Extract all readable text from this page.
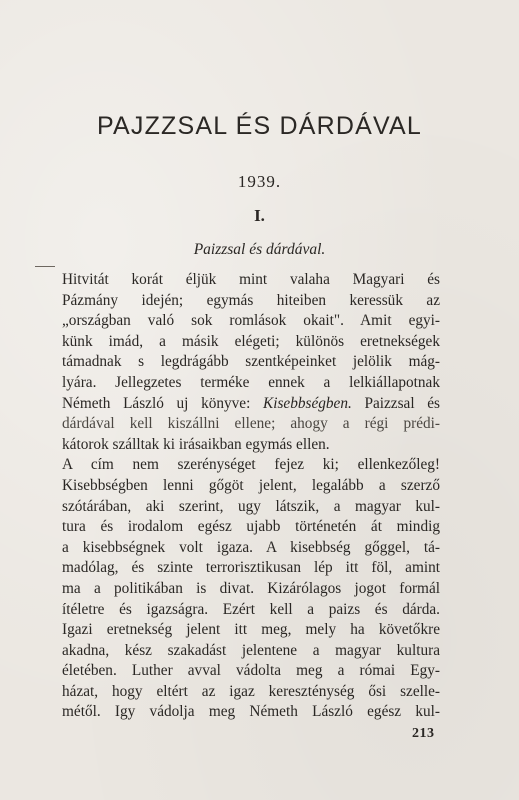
PAJZZSAL ÉS DÁRDÁVAL
1939.
I.
Paizzsal és dárdával.
Hitvitát korát éljük mint valaha Magyari és
Pázmány idején; egymás hiteiben keressük az
„országban való sok romlások okait". Amit egyi-
künk imád, a másik elégeti; különös eretnekségek
támadnak s legdrágább szentképeinket jelölik mág-
lyára. Jellegzetes terméke ennek a lelkiállapotnak
Németh László uj könyve: Kisebbségben. Paizzsal és
dárdával kell kiszállni ellene; ahogy a régi prédi-
kátorok szálltak ki irásaikban egymás ellen.
A cím nem szerénységet fejez ki; ellenkezőleg!
Kisebbségben lenni gőgöt jelent, legalább a szerző
szótárában, aki szerint, ugy látszik, a magyar kul-
tura és irodalom egész ujabb történetén át mindig
a kisebbségnek volt igaza. A kisebbség gőggel, tá-
madólag, és szinte terrorisztikusan lép itt föl, amint
ma a politikában is divat. Kizárólagos jogot formál
ítéletre és igazságra. Ezért kell a paizs és dárda.
Igazi eretnekség jelent itt meg, mely ha követőkre
akadna, kész szakadást jelentene a magyar kultura
életében. Luther avval vádolta meg a római Egy-
házat, hogy eltért az igaz kereszténység ősi szelle-
métől. Igy vádolja meg Németh László egész kul-
213
